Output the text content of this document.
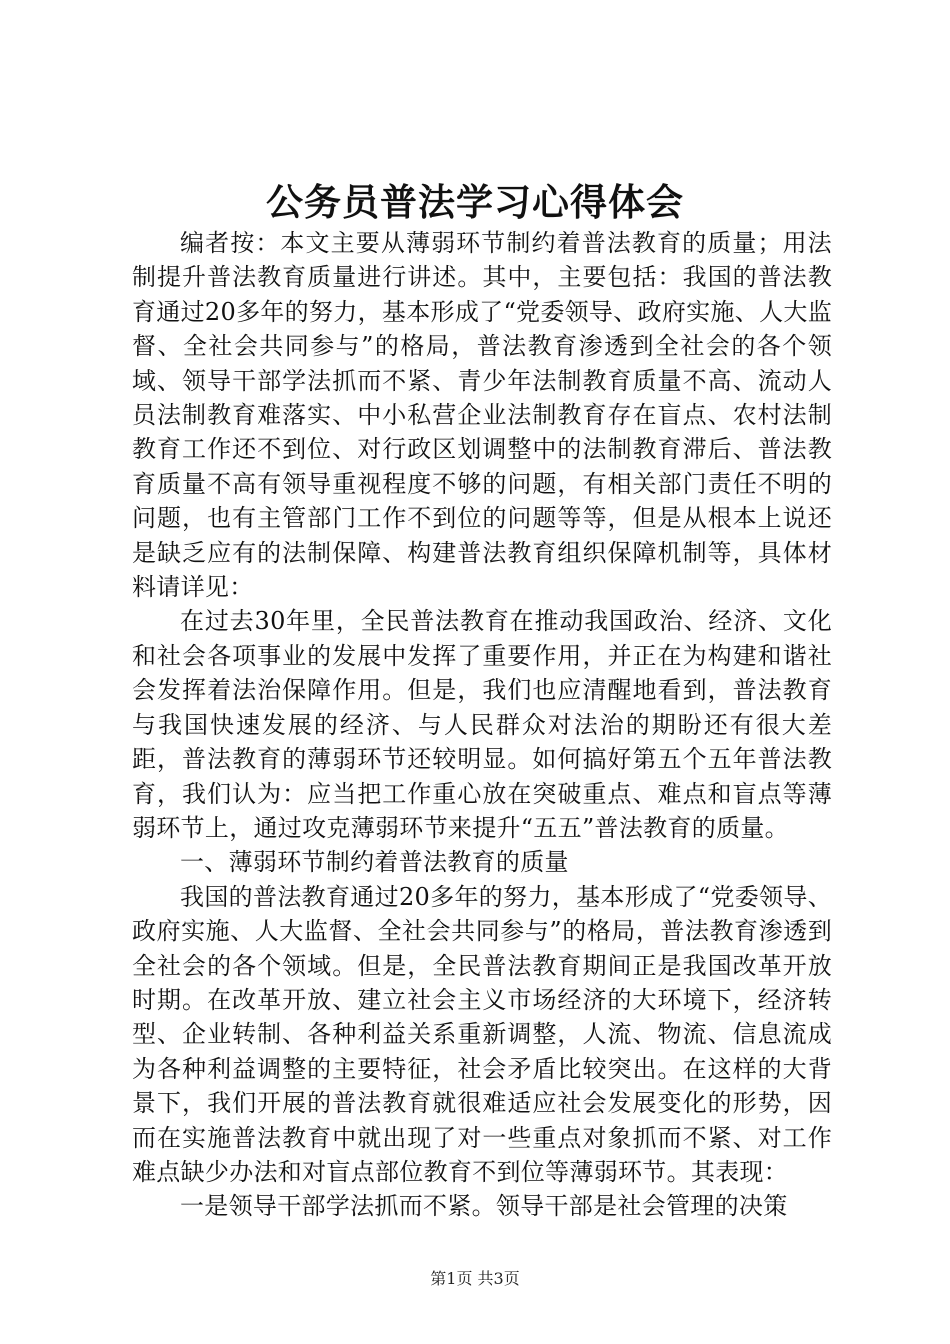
公务员普法学习心得体会

编者按：本文主要从薄弱环节制约着普法教育的质量；用法制提升普法教育质量进行讲述。其中，主要包括：我国的普法教育通过20多年的努力，基本形成了“党委领导、政府实施、人大监督、全社会共同参与”的格局，普法教育渗透到全社会的各个领域、领导干部学法抓而不紧、青少年法制教育质量不高、流动人员法制教育难落实、中小私营企业法制教育存在盲点、农村法制教育工作还不到位、对行政区划调整中的法制教育滞后、普法教育质量不高有领导重视程度不够的问题，有相关部门责任不明的问题，也有主管部门工作不到位的问题等等，但是从根本上说还是缺乏应有的法制保障、构建普法教育组织保障机制等，具体材料请详见：

在过去30年里，全民普法教育在推动我国政治、经济、文化和社会各项事业的发展中发挥了重要作用，并正在为构建和谐社会发挥着法治保障作用。但是，我们也应清醒地看到，普法教育与我国快速发展的经济、与人民群众对法治的期盼还有很大差距，普法教育的薄弱环节还较明显。如何搞好第五个五年普法教育，我们认为：应当把工作重心放在突破重点、难点和盲点等薄弱环节上，通过攻克薄弱环节来提升“五五”普法教育的质量。

一、薄弱环节制约着普法教育的质量

我国的普法教育通过20多年的努力，基本形成了“党委领导、政府实施、人大监督、全社会共同参与”的格局，普法教育渗透到全社会的各个领域。但是，全民普法教育期间正是我国改革开放时期。在改革开放、建立社会主义市场经济的大环境下，经济转型、企业转制、各种利益关系重新调整，人流、物流、信息流成为各种利益调整的主要特征，社会矛盾比较突出。在这样的大背景下，我们开展的普法教育就很难适应社会发展变化的形势，因而在实施普法教育中就出现了对一些重点对象抓而不紧、对工作难点缺少办法和对盲点部位教育不到位等薄弱环节。其表现：

一是领导干部学法抓而不紧。领导干部是社会管理的决策

第1页 共3页
